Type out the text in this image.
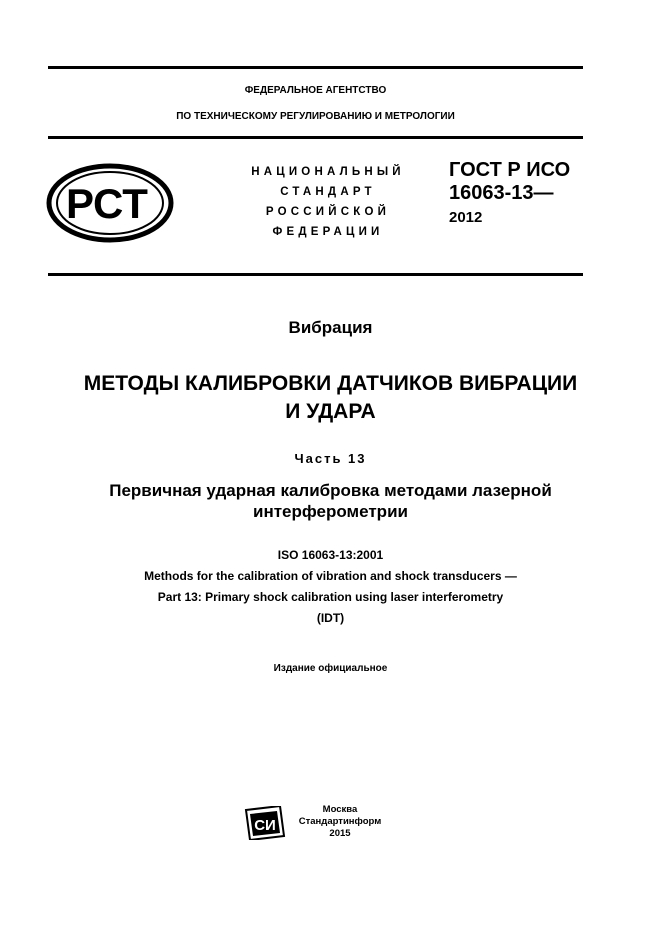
ФЕДЕРАЛЬНОЕ АГЕНТСТВО
ПО ТЕХНИЧЕСКОМУ РЕГУЛИРОВАНИЮ И МЕТРОЛОГИИ
РСТ
НАЦИОНАЛЬНЫЙ
СТАНДАРТ
РОССИЙСКОЙ
ФЕДЕРАЦИИ
ГОСТ Р ИСО
16063-13—
2012
Вибрация
МЕТОДЫ КАЛИБРОВКИ ДАТЧИКОВ ВИБРАЦИИ
И УДАРА
Часть 13
Первичная ударная калибровка методами лазерной
интерферометрии
ISO 16063-13:2001
Methods for the calibration of vibration and shock transducers —
Part 13: Primary shock calibration using laser interferometry
(IDT)
Издание официальное
СИ
Москва
Стандартинформ
2015
